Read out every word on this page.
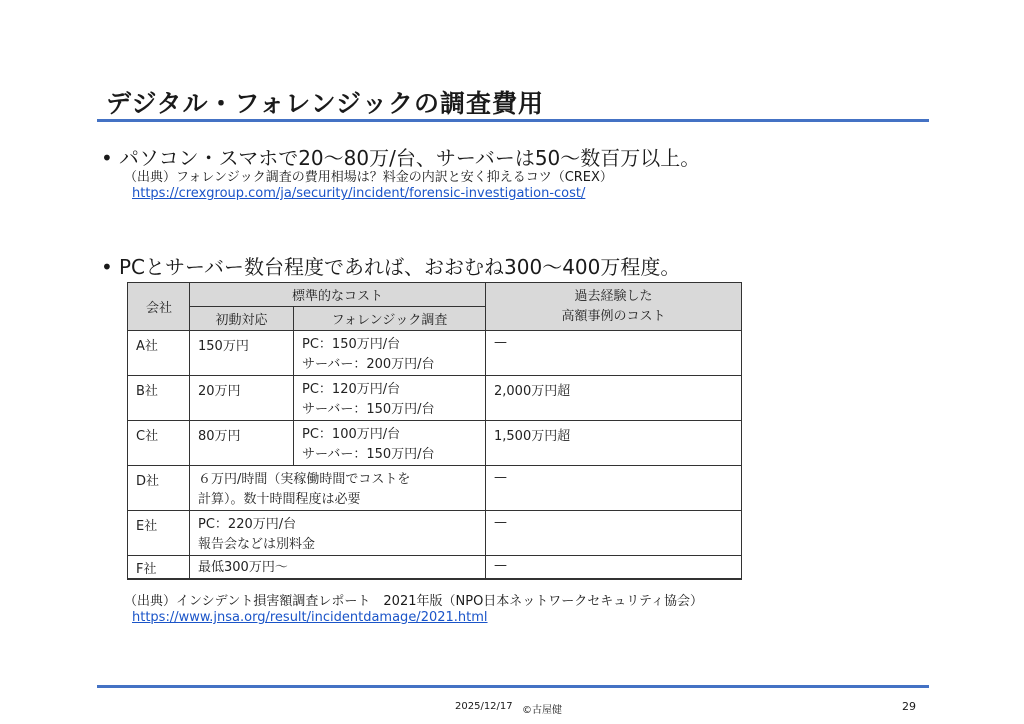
デジタル・フォレンジックの調査費用
• パソコン・スマホで20〜80万/台、サーバーは50〜数百万以上。
（出典）フォレンジック調査の費用相場は？料金の内訳と安く抑えるコツ（CREX）
https://crexgroup.com/ja/security/incident/forensic-investigation-cost/
• PCとサーバー数台程度であれば、おおむね300〜400万程度。
会社	標準的なコスト		過去経験した
高額事例のコスト

	初動対応	フォレンジック調査	
A社	150万円	PC：150万円/台
サーバー：200万円/台	—
B社	20万円	PC：120万円/台
サーバー：150万円/台	2,000万円超
C社	80万円	PC：100万円/台
サーバー：150万円/台	1,500万円超
D社	６万円/時間（実稼働時間でコストを
計算）。数十時間程度は必要		—
E社	PC：220万円/台
報告会などは別料金		—
F社	最低300万円〜		—
（出典）インシデント損害額調査レポート　2021年版（NPO日本ネットワークセキュリティ協会）
https://www.jnsa.org/result/incidentdamage/2021.html
2025/12/17 ©古屋健	29
